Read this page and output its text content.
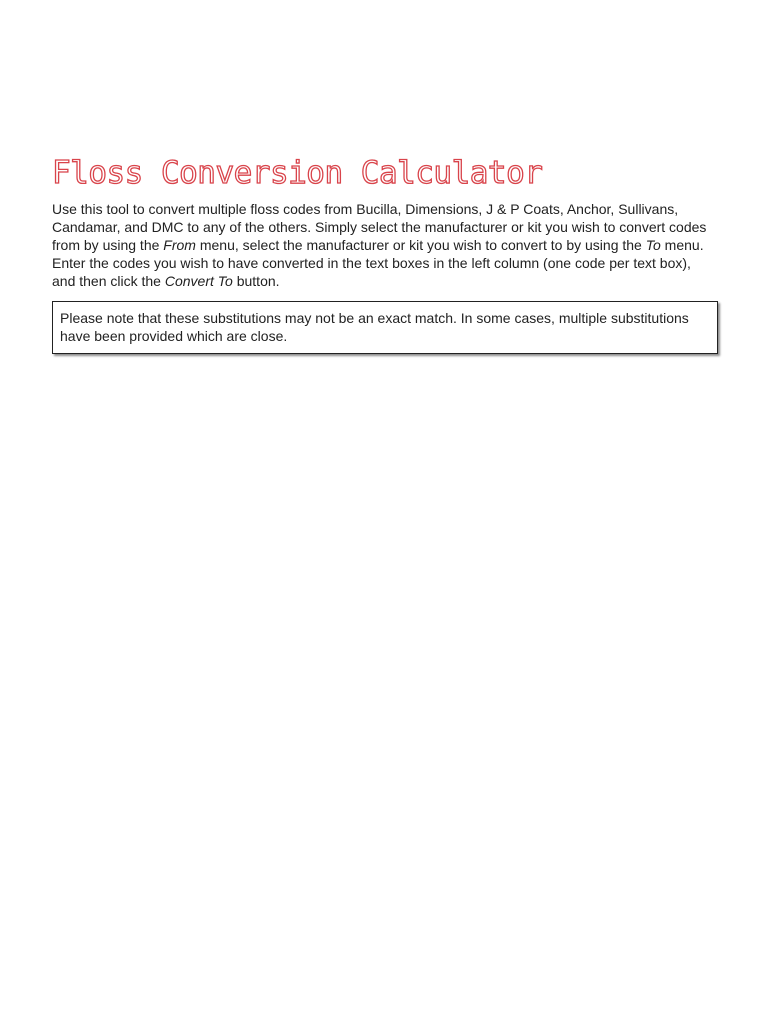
Floss Conversion Calculator

Use this tool to convert multiple floss codes from Bucilla, Dimensions, J & P Coats, Anchor, Sullivans, Candamar, and DMC to any of the others. Simply select the manufacturer or kit you wish to convert codes from by using the From menu, select the manufacturer or kit you wish to convert to by using the To menu. Enter the codes you wish to have converted in the text boxes in the left column (one code per text box), and then click the Convert To button.

Please note that these substitutions may not be an exact match. In some cases, multiple substitutions have been provided which are close.
